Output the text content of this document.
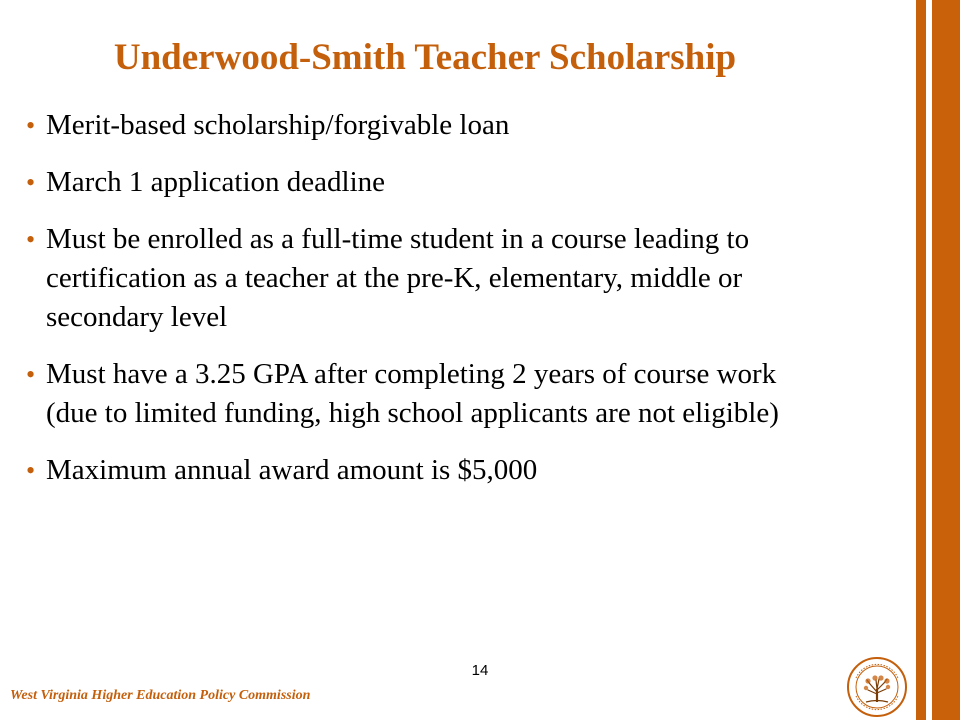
Underwood-Smith Teacher Scholarship
• Merit-based scholarship/forgivable loan
• March 1 application deadline
• Must be enrolled as a full-time student in a course leading to certification as a teacher at the pre-K, elementary, middle or secondary level
• Must have a 3.25 GPA after completing 2 years of course work (due to limited funding, high school applicants are not eligible)
• Maximum annual award amount is $5,000
14
West Virginia Higher Education Policy Commission
